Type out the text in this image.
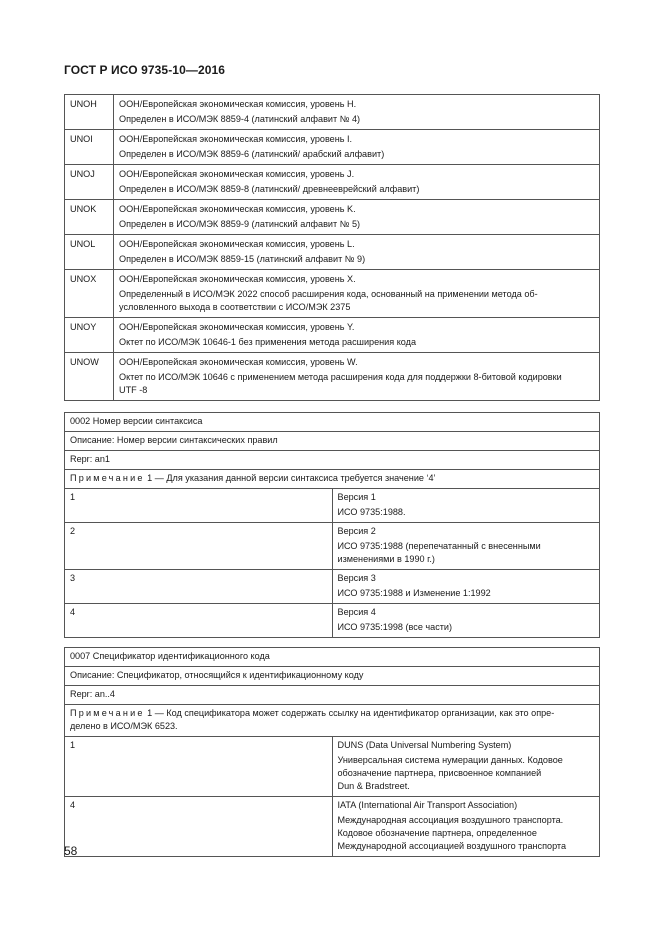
ГОСТ Р ИСО 9735-10—2016
UNOH	ООН/Европейская экономическая комиссия, уровень H.
Определен в ИСО/МЭК 8859-4 (латинский алфавит № 4)

UNOI	ООН/Европейская экономическая комиссия, уровень I.
Определен в ИСО/МЭК 8859-6 (латинский/ арабский алфавит)

UNOJ	ООН/Европейская экономическая комиссия, уровень J.
Определен в ИСО/МЭК 8859-8 (латинский/ древнееврейский алфавит)

UNOK	ООН/Европейская экономическая комиссия, уровень K.
Определен в ИСО/МЭК 8859-9 (латинский алфавит № 5)

UNOL	ООН/Европейская экономическая комиссия, уровень L.
Определен в ИСО/МЭК 8859-15 (латинский алфавит № 9)

UNOX	ООН/Европейская экономическая комиссия, уровень X.
Определенный в ИСО/МЭК 2022 способ расширения кода, основанный на применении метода об-
условленного выхода в соответствии с ИСО/МЭК 2375

UNOY	ООН/Европейская экономическая комиссия, уровень Y.
Октет по ИСО/МЭК 10646-1 без применения метода расширения кода

UNOW	ООН/Европейская экономическая комиссия, уровень W.
Октет по ИСО/МЭК 10646 с применением метода расширения кода для поддержки 8-битовой кодировки
UTF -8
0002 Номер версии синтаксиса	
Описание: Номер версии синтаксических правил	
Repr: an1	
Примечание 1 — Для указания данной версии синтаксиса требуется значение ‘4’	
1	Версия 1
ИСО 9735:1988.

2	Версия 2
ИСО 9735:1988 (перепечатанный с внесенными изменениями в 1990 г.)

3	Версия 3
ИСО 9735:1988 и Изменение 1:1992

4	Версия 4
ИСО 9735:1998 (все части)
0007 Спецификатор идентификационного кода	
Описание: Спецификатор, относящийся к идентификационному коду	
Repr: an..4	
Примечание 1 — Код спецификатора может содержать ссылку на идентификатор организации, как это опре-
делено в ИСО/МЭК 6523.	

1	DUNS (Data Universal Numbering System)
Универсальная система нумерации данных. Кодовое обозначение партнера, присвоенное компанией
Dun & Bradstreet.

4	IATA (International Air Transport Association)
Международная ассоциация воздушного транспорта. Кодовое обозначение партнера, определенное
Международной ассоциацией воздушного транспорта
58
